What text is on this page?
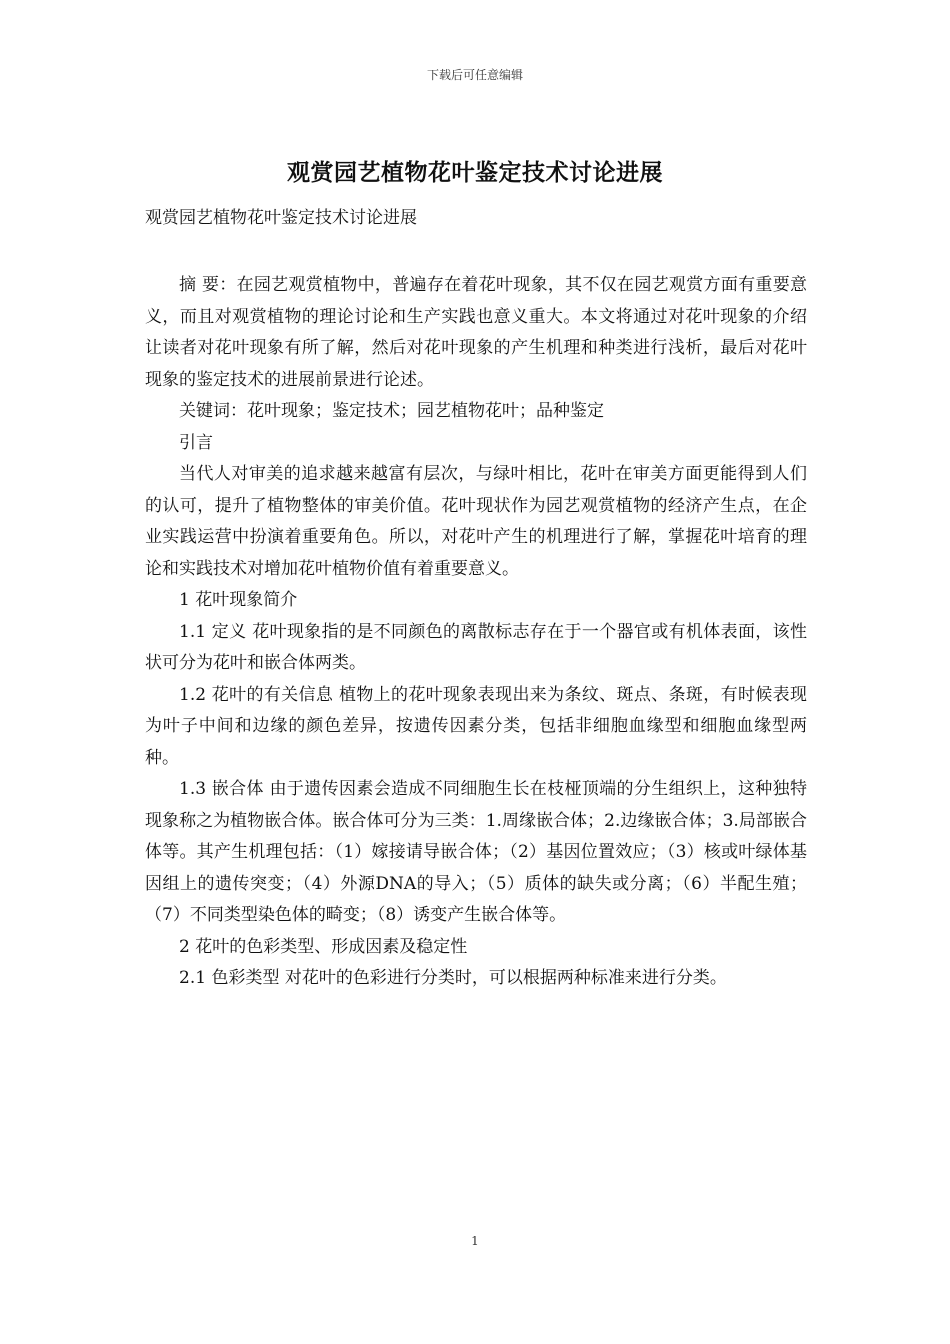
下载后可任意编辑
观赏园艺植物花叶鉴定技术讨论进展
观赏园艺植物花叶鉴定技术讨论进展

摘 要：在园艺观赏植物中，普遍存在着花叶现象，其不仅在园艺观赏方面有重要意义，而且对观赏植物的理论讨论和生产实践也意义重大。本文将通过对花叶现象的介绍让读者对花叶现象有所了解，然后对花叶现象的产生机理和种类进行浅析，最后对花叶现象的鉴定技术的进展前景进行论述。

关键词：花叶现象；鉴定技术；园艺植物花叶；品种鉴定

引言

当代人对审美的追求越来越富有层次，与绿叶相比，花叶在审美方面更能得到人们的认可，提升了植物整体的审美价值。花叶现状作为园艺观赏植物的经济产生点，在企业实践运营中扮演着重要角色。所以，对花叶产生的机理进行了解，掌握花叶培育的理论和实践技术对增加花叶植物价值有着重要意义。

1 花叶现象简介

1.1 定义 花叶现象指的是不同颜色的离散标志存在于一个器官或有机体表面，该性状可分为花叶和嵌合体两类。

1.2 花叶的有关信息 植物上的花叶现象表现出来为条纹、斑点、条斑，有时候表现为叶子中间和边缘的颜色差异，按遗传因素分类，包括非细胞血缘型和细胞血缘型两种。

1.3 嵌合体 由于遗传因素会造成不同细胞生长在枝桠顶端的分生组织上，这种独特现象称之为植物嵌合体。嵌合体可分为三类：1.周缘嵌合体；2.边缘嵌合体；3.局部嵌合体等。其产生机理包括：（1）嫁接请导嵌合体；（2）基因位置效应；（3）核或叶绿体基因组上的遗传突变；（4）外源DNA的导入；（5）质体的缺失或分离；（6）半配生殖；（7）不同类型染色体的畸变；（8）诱变产生嵌合体等。

2 花叶的色彩类型、形成因素及稳定性

2.1 色彩类型 对花叶的色彩进行分类时，可以根据两种标准来进行分类。

1
